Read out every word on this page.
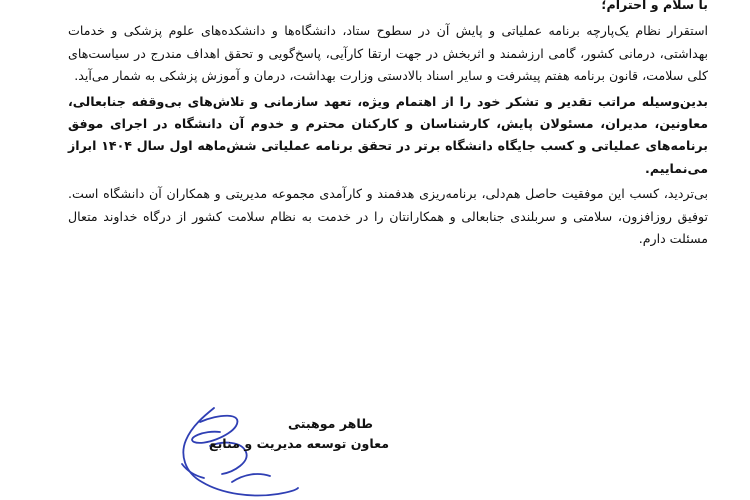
با سلام و احترام؛

استقرار نظام یک‌پارچه برنامه عملیاتی و پایش آن در سطوح ستاد، دانشگاه‌ها و دانشکده‌های علوم پزشکی و خدمات بهداشتی، درمانی کشور، گامی ارزشمند و اثربخش در جهت ارتقا کارآیی، پاسخ‌گویی و تحقق اهداف مندرج در سیاست‌های کلی سلامت، قانون برنامه هفتم پیشرفت و سایر اسناد بالادستی وزارت بهداشت، درمان و آموزش پزشکی به شمار می‌آید.

بدین‌وسیله مراتب تقدیر و تشکر خود را از اهتمام ویژه، تعهد سازمانی و تلاش‌های بی‌وقفه جنابعالی، معاونین، مدیران، مسئولان پایش، کارشناسان و کارکنان محترم و خدوم آن دانشگاه در اجرای موفق برنامه‌های عملیاتی و کسب جایگاه دانشگاه برتر در تحقق برنامه عملیاتی شش‌ماهه اول سال ۱۴۰۴ ابراز می‌نماییم.

بی‌تردید، کسب این موفقیت حاصل هم‌دلی، برنامه‌ریزی هدفمند و کارآمدی مجموعه مدیریتی و همکاران آن دانشگاه است. توفیق روزافزون، سلامتی و سربلندی جنابعالی و همکارانتان را در خدمت به نظام سلامت کشور از درگاه خداوند متعال مسئلت دارم.

طاهر موهبتی
معاون توسعه مدیریت و منابع
